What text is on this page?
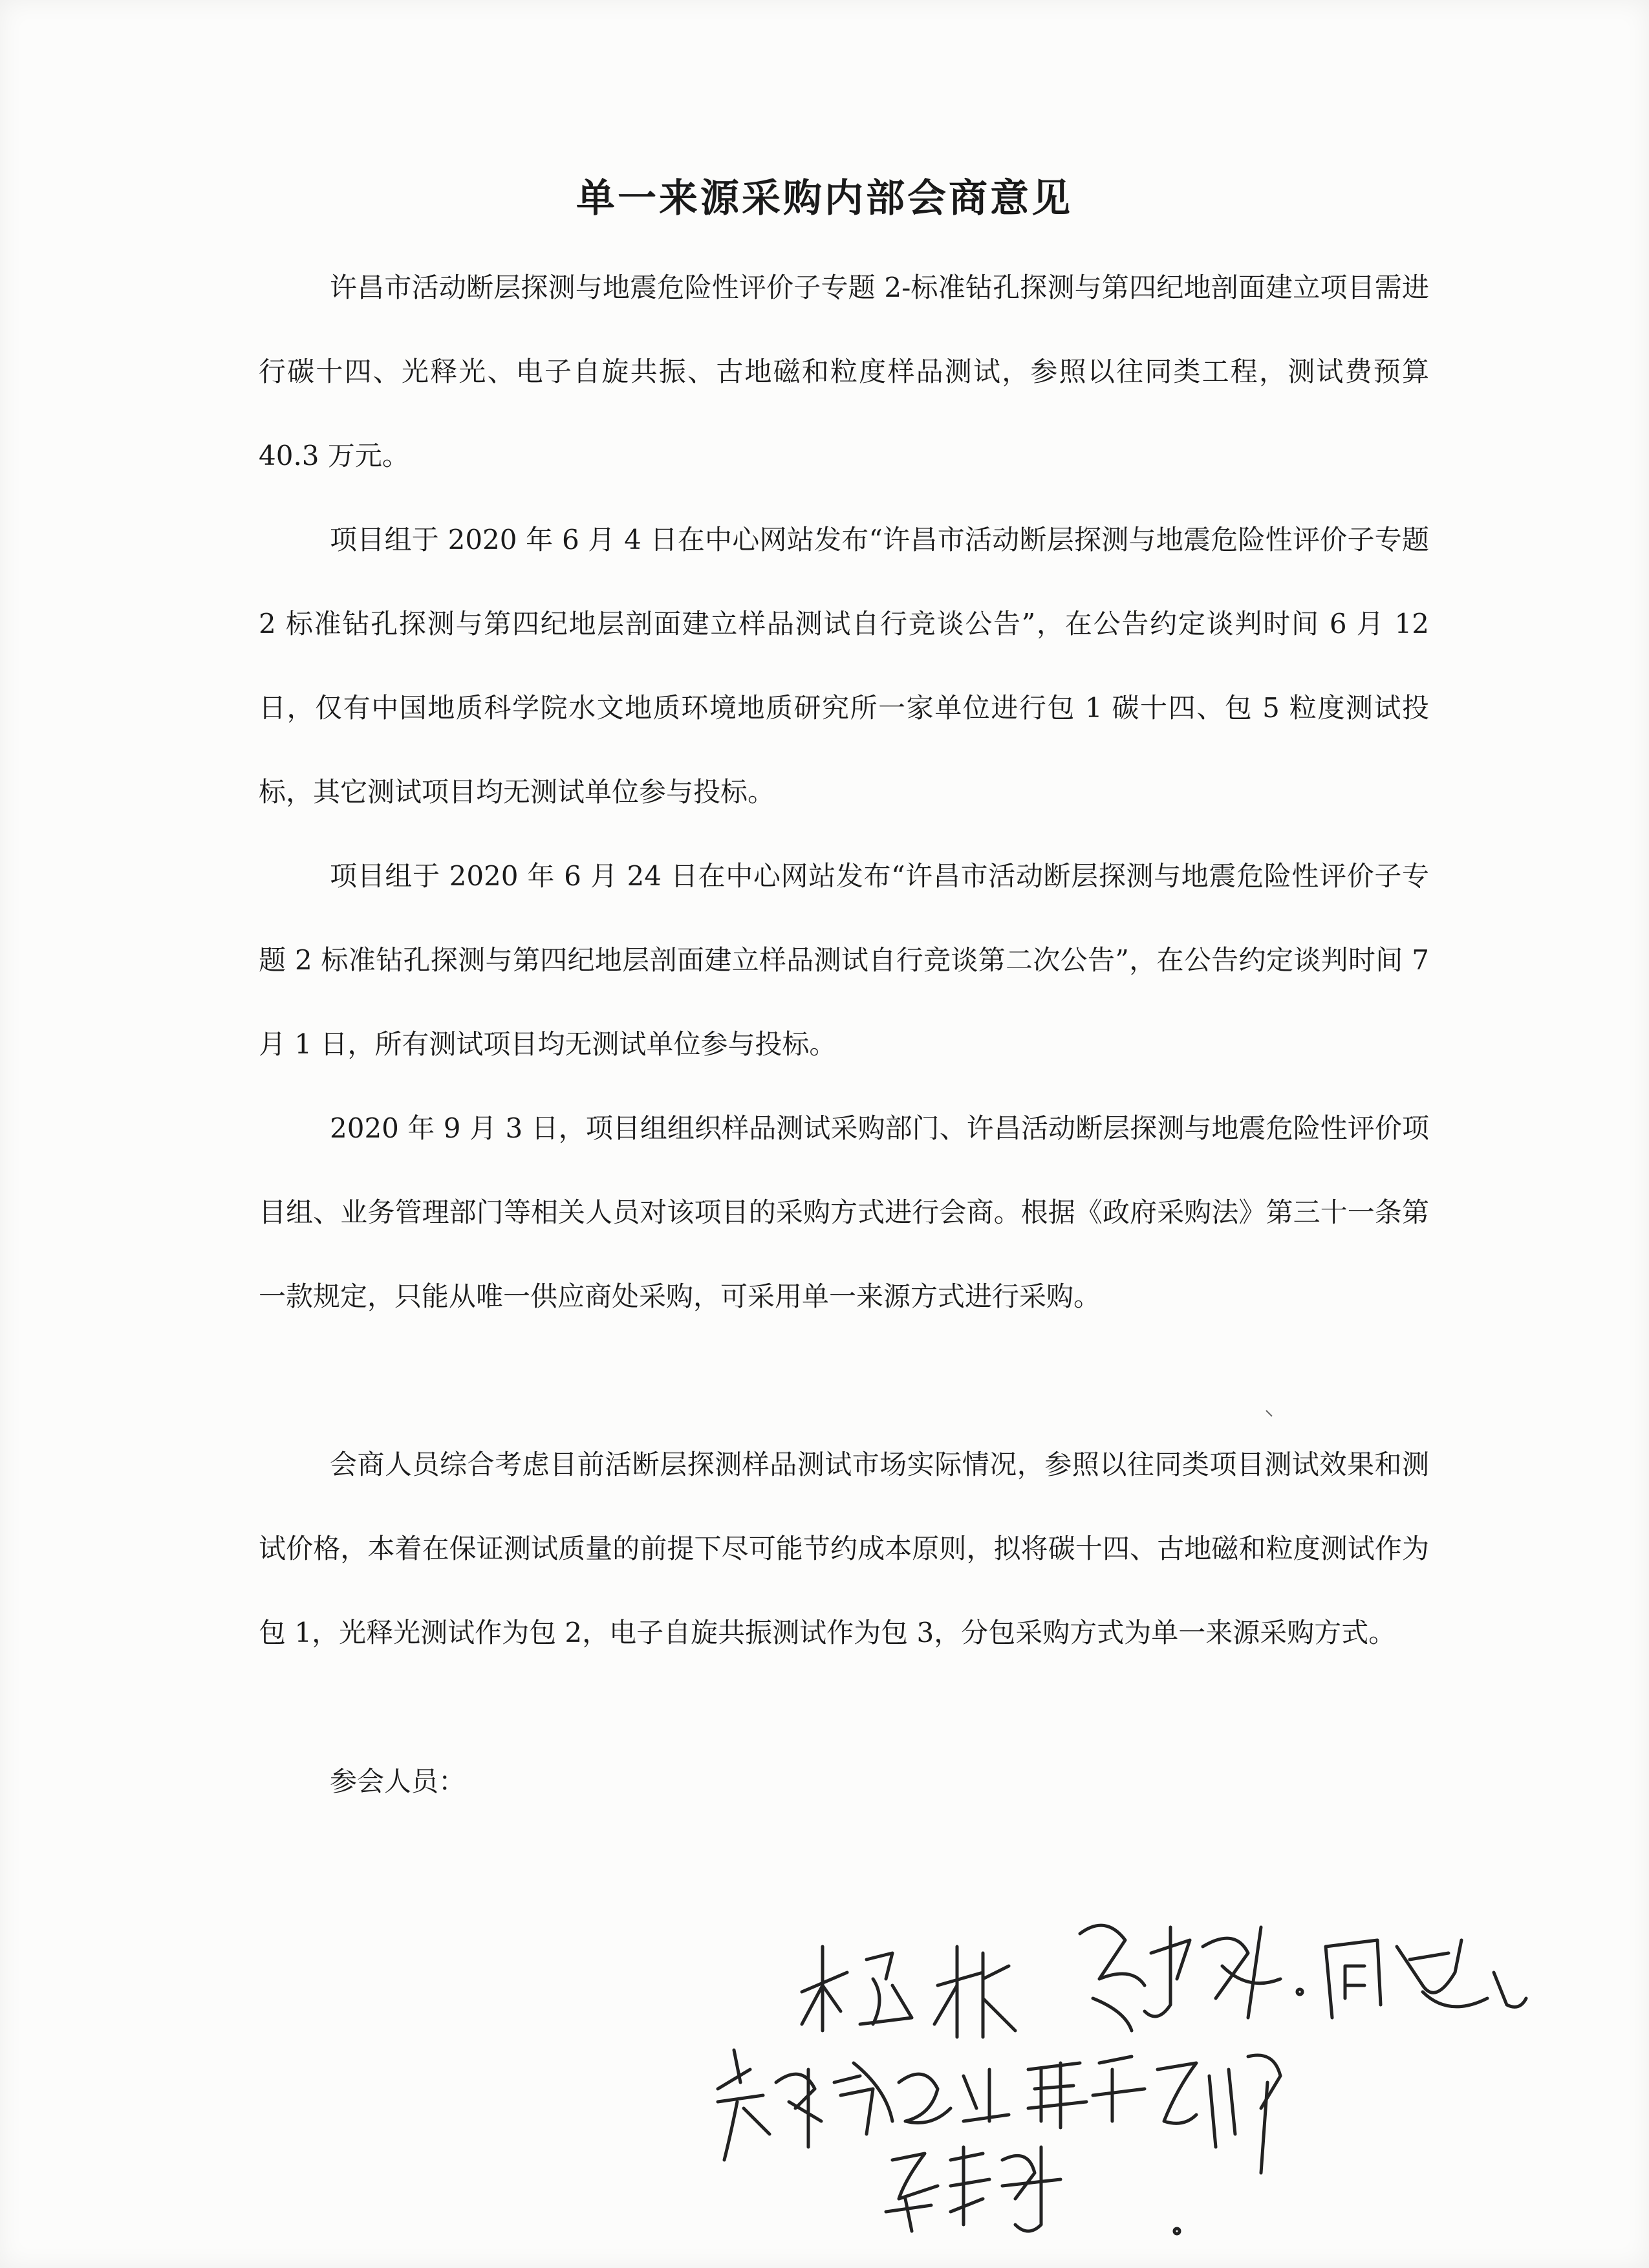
单一来源采购内部会商意见

许昌市活动断层探测与地震危险性评价子专题 2-标准钻孔探测与第四纪地剖面建立项目需进行碳十四、光释光、电子自旋共振、古地磁和粒度样品测试，参照以往同类工程，测试费预算 40.3 万元。

项目组于 2020 年 6 月 4 日在中心网站发布“许昌市活动断层探测与地震危险性评价子专题 2 标准钻孔探测与第四纪地层剖面建立样品测试自行竞谈公告”，在公告约定谈判时间 6 月 12 日，仅有中国地质科学院水文地质环境地质研究所一家单位进行包 1 碳十四、包 5 粒度测试投标，其它测试项目均无测试单位参与投标。

项目组于 2020 年 6 月 24 日在中心网站发布“许昌市活动断层探测与地震危险性评价子专题 2 标准钻孔探测与第四纪地层剖面建立样品测试自行竞谈第二次公告”，在公告约定谈判时间 7 月 1 日，所有测试项目均无测试单位参与投标。

2020 年 9 月 3 日，项目组组织样品测试采购部门、许昌活动断层探测与地震危险性评价项目组、业务管理部门等相关人员对该项目的采购方式进行会商。根据《政府采购法》第三十一条第一款规定，只能从唯一供应商处采购，可采用单一来源方式进行采购。

会商人员综合考虑目前活断层探测样品测试市场实际情况，参照以往同类项目测试效果和测试价格，本着在保证测试质量的前提下尽可能节约成本原则，拟将碳十四、古地磁和粒度测试作为包 1，光释光测试作为包 2，电子自旋共振测试作为包 3，分包采购方式为单一来源采购方式。

参会人员：
